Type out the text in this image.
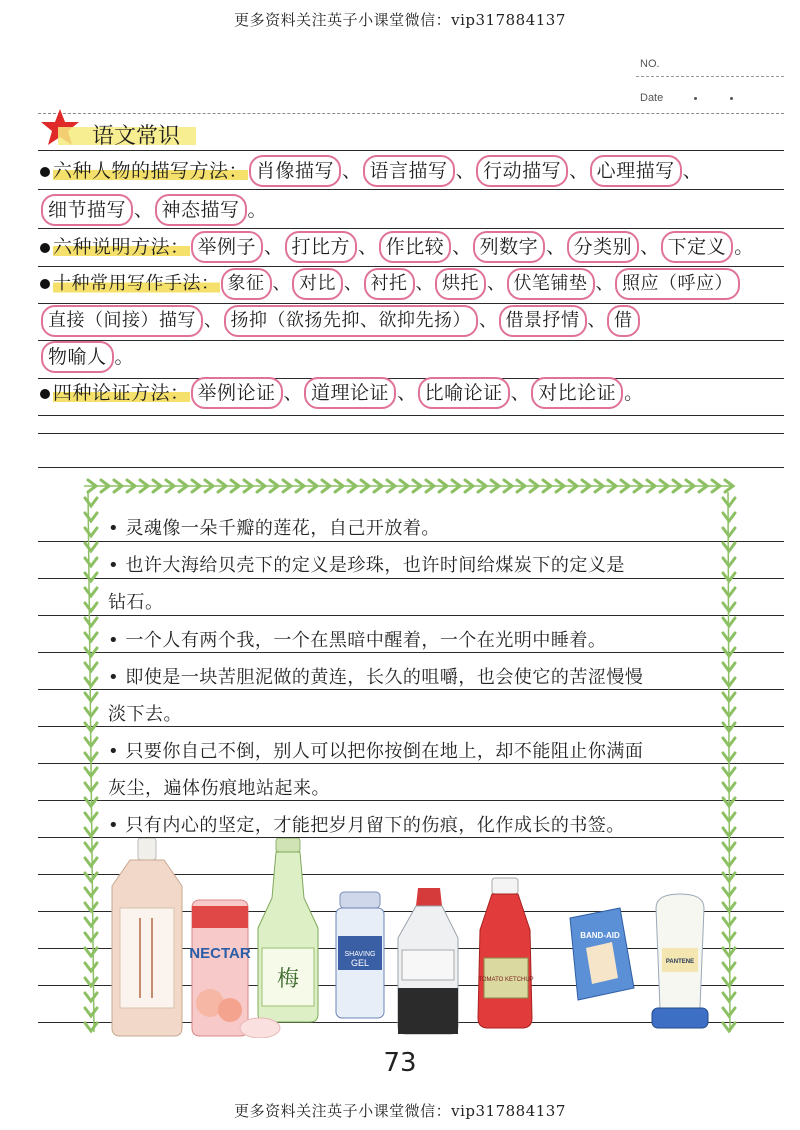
更多资料关注英子小课堂微信：vip317884137
更多资料关注英子小课堂微信：vip317884137
NO.
Date
语文常识
六种人物的描写方法： 肖像描写 、 语言描写 、 行动描写 、 心理描写 、
细节描写 、 神态描写 。
六种说明方法： 举例子 、 打比方 、 作比较 、 列数字 、 分类别 、 下定义 。
十种常用写作手法： 象征 、 对比 、 衬托 、 烘托 、 伏笔铺垫 、 照应（呼应）
直接（间接）描写 、 扬抑（欲扬先抑、欲抑先扬） 、 借景抒情 、 借
物喻人 。
四种论证方法： 举例论证 、 道理论证 、 比喻论证 、 对比论证 。
• 灵魂像一朵千瓣的莲花，自己开放着。
• 也许大海给贝壳下的定义是珍珠，也许时间给煤炭下的定义是
钻石。
• 一个人有两个我，一个在黑暗中醒着，一个在光明中睡着。
• 即使是一块苦胆泥做的黄连，长久的咀嚼，也会使它的苦涩慢慢
淡下去。
• 只要你自己不倒，别人可以把你按倒在地上，却不能阻止你满面
灰尘，遍体伤痕地站起来。
• 只有内心的坚定，才能把岁月留下的伤痕，化作成长的书签。
NECTAR
梅
SHAVING
GEL
TOMATO KETCHUP
BAND-AID
PANTENE
73
